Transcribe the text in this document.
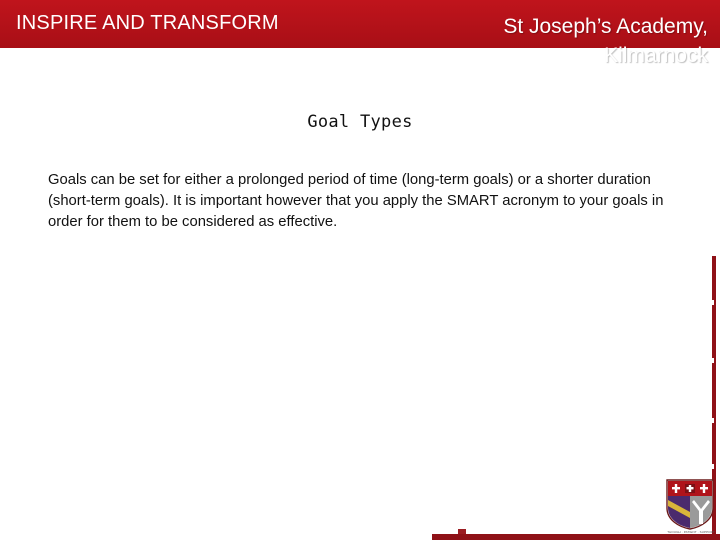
INSPIRE AND TRANSFORM	St Joseph’s Academy,
Kilmarnock
Goal Types
Goals can be set for either a prolonged period of time (long-term goals) or a shorter duration (short-term goals). It is important however that you apply the SMART acronym to your goals in order for them to be considered as effective.
THOUGH · PATIENT · SUPPORT
